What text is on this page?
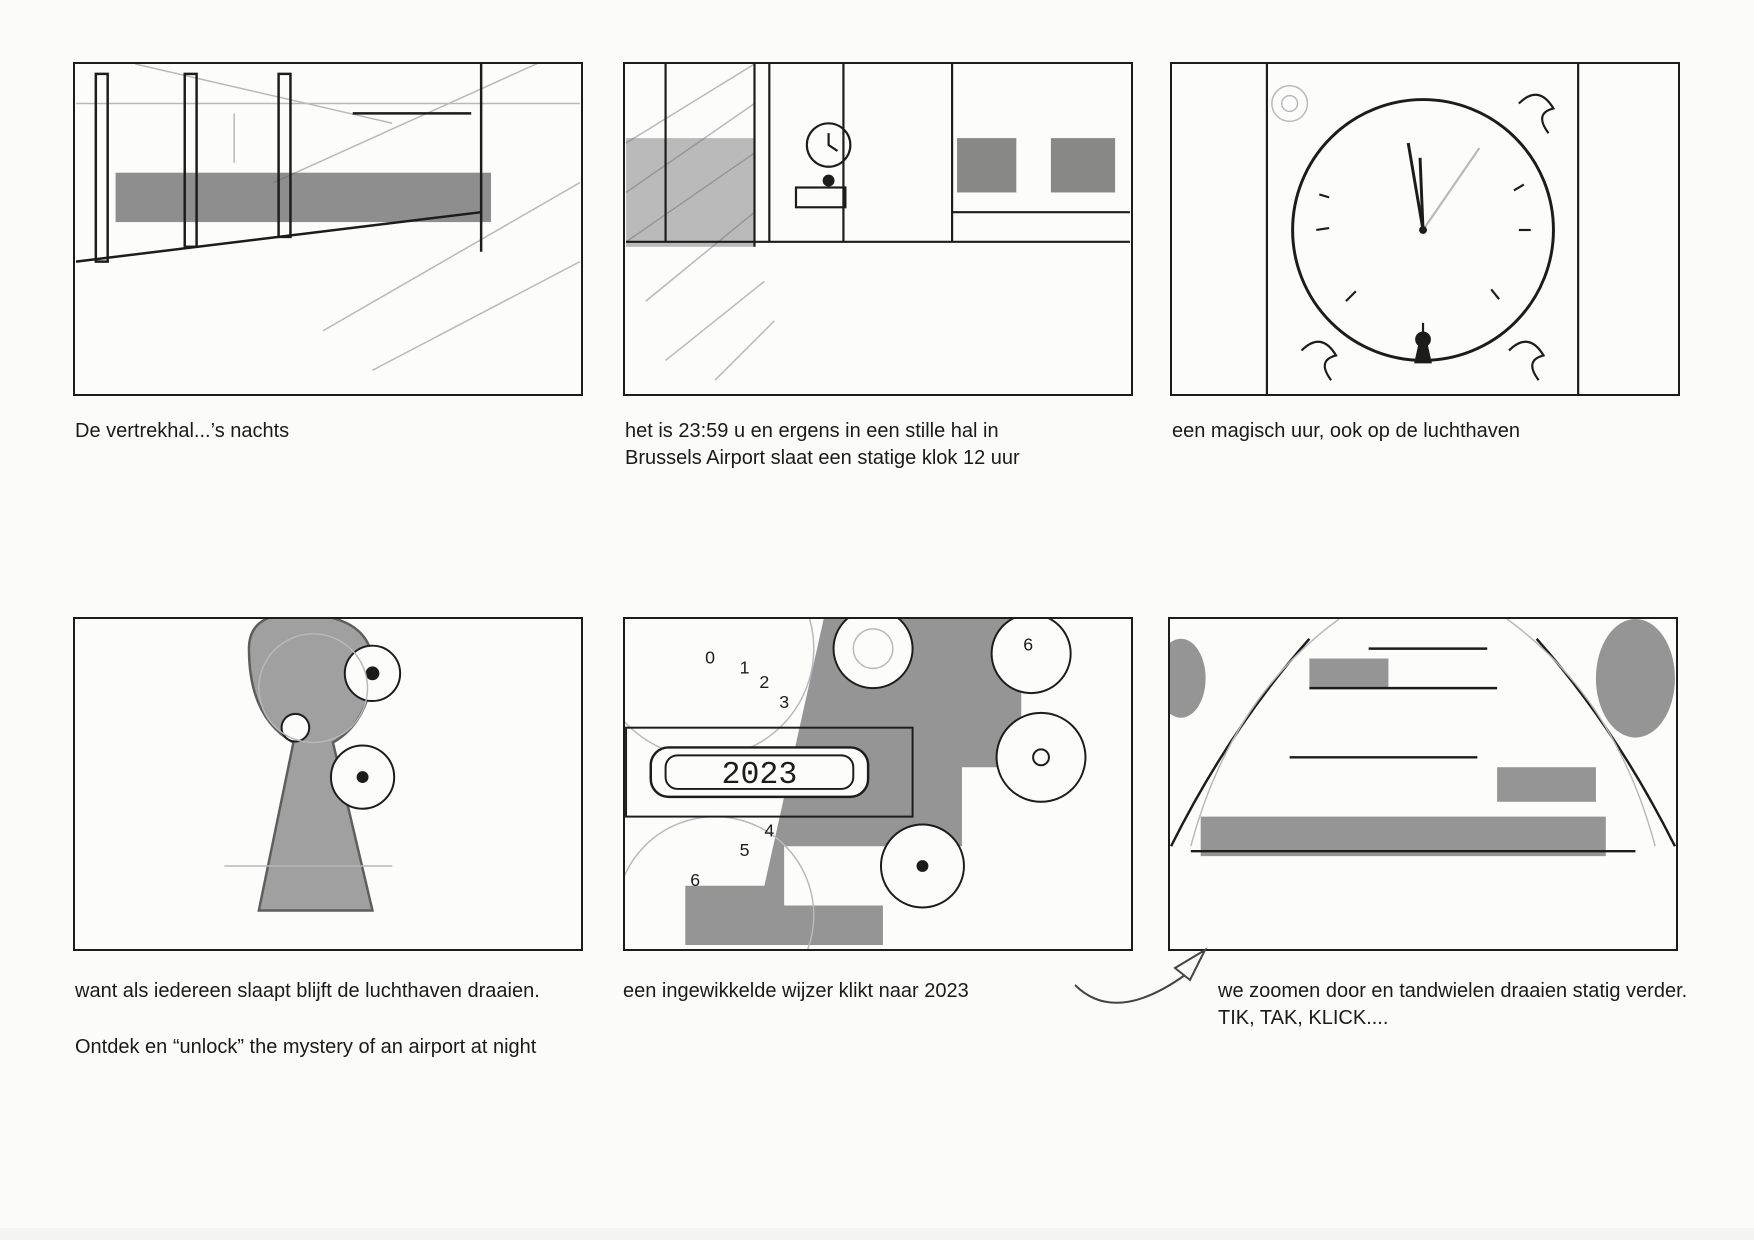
De vertrekhal...’s nachts	het is 23:59 u en ergens in een stille hal in
Brussels Airport slaat een statige klok 12 uur
een magisch uur, ook op de luchthaven
want als iedereen slaapt blijft de luchthaven draaien.
Ontdek en “unlock” the mystery of an airport at night
2023
0 1
2
3
4
5
6
6
een ingewikkelde wijzer klikt naar 2023	we zoomen door en tandwielen draaien statig verder.
TIK, TAK, KLICK....
